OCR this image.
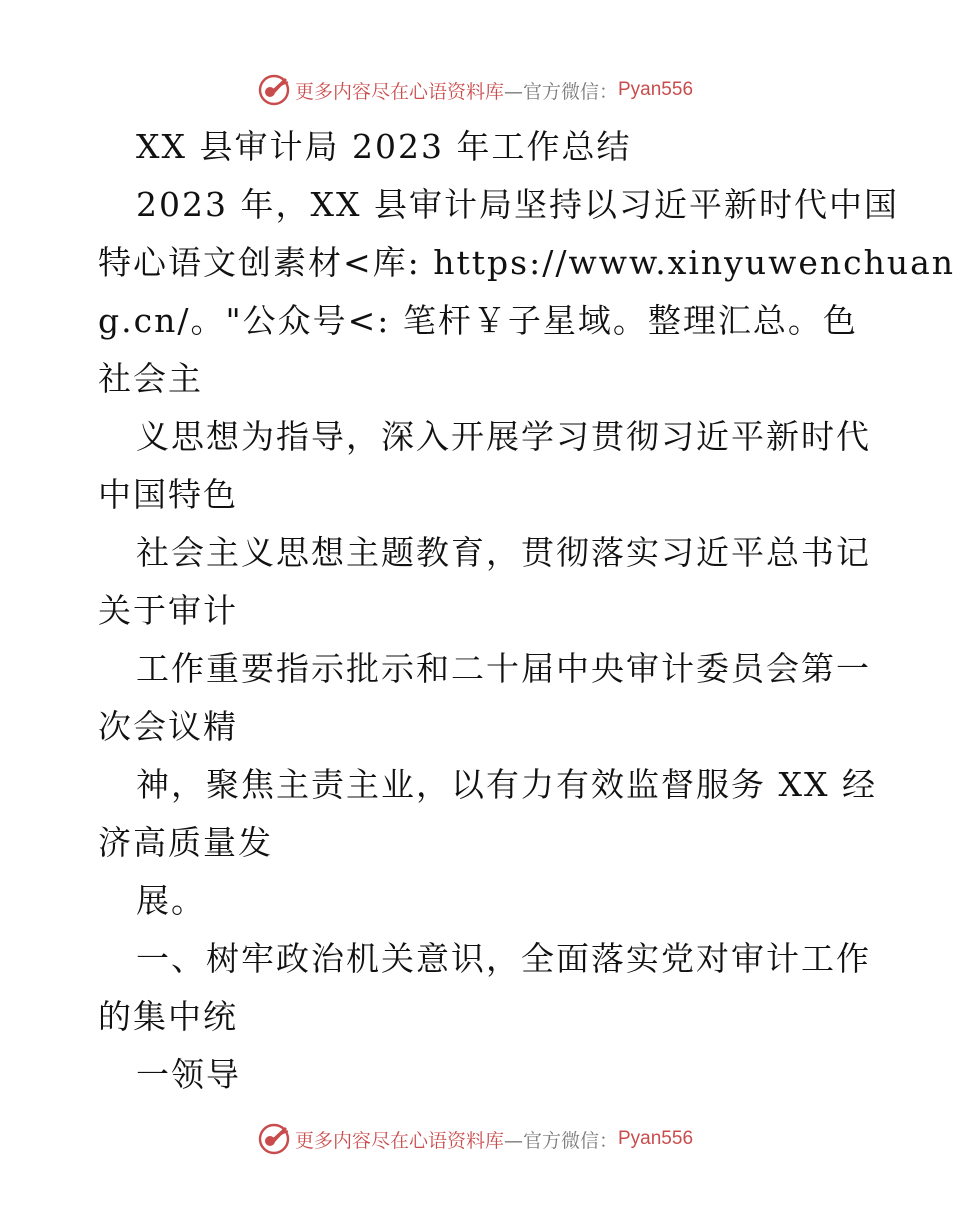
更多内容尽在心语资料库 —官方微信： Pyan556
XX 县审计局 2023 年工作总结
2023 年，XX 县审计局坚持以习近平新时代中国
特心语文创素材<库: https://www.xinyuwenchuan
g.cn/。"公众号<: 笔杆￥子星域。整理汇总。色
社会主
义思想为指导，深入开展学习贯彻习近平新时代
中国特色
社会主义思想主题教育，贯彻落实习近平总书记
关于审计
工作重要指示批示和二十届中央审计委员会第一
次会议精
神，聚焦主责主业，以有力有效监督服务 XX 经
济高质量发
展。
一、树牢政治机关意识，全面落实党对审计工作
的集中统
一领导
更多内容尽在心语资料库 —官方微信： Pyan556
